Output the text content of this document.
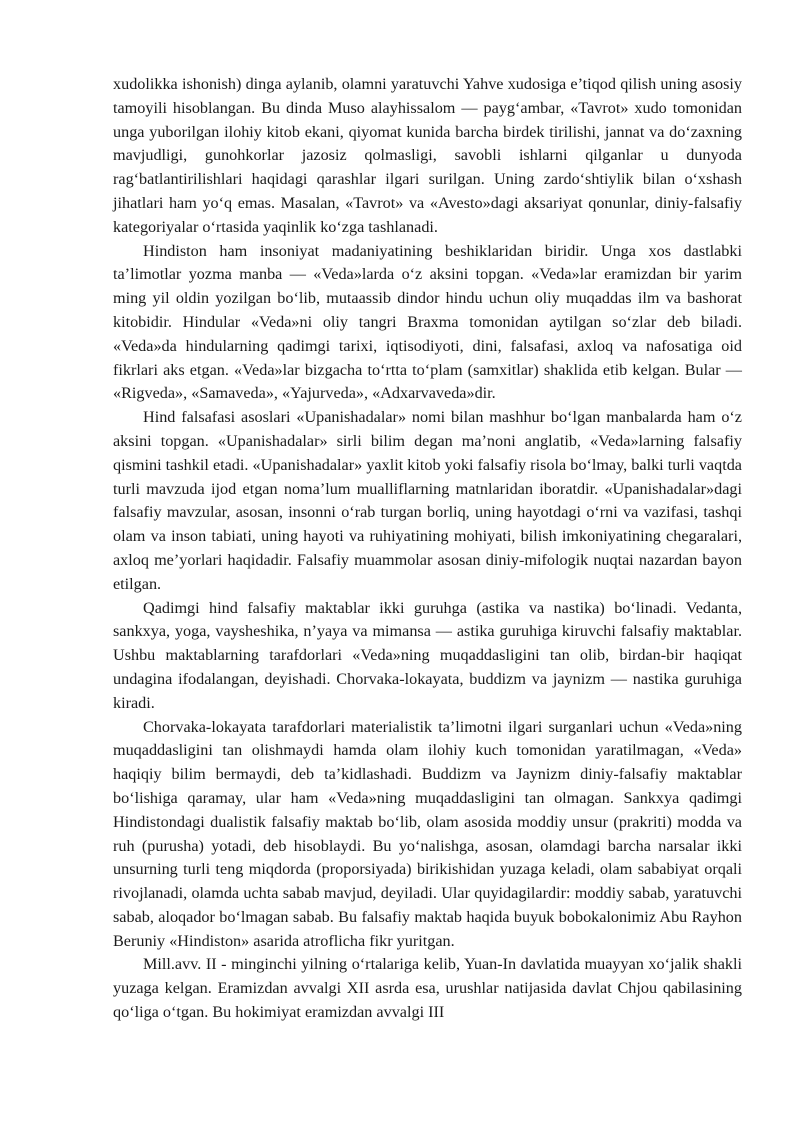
xudolikka ishonish) dinga aylanib, olamni yaratuvchi Yahve xudosiga e’tiqod qilish uning asosiy tamoyili hisoblangan. Bu dinda Muso alayhissalom — payg‘ambar, «Tavrot» xudo tomonidan unga yuborilgan ilohiy kitob ekani, qiyomat kunida barcha birdek tirilishi, jannat va do‘zaxning mavjudligi, gunohkorlar jazosiz qolmasligi, savobli ishlarni qilganlar u dunyoda rag‘batlantirilishlari haqidagi qarashlar ilgari surilgan. Uning zardo‘shtiylik bilan o‘xshash jihatlari ham yo‘q emas. Masalan, «Tavrot» va «Avesto»dagi aksariyat qonunlar, diniy-falsafiy kategoriyalar o‘rtasida yaqinlik ko‘zga tashlanadi.

Hindiston ham insoniyat madaniyatining beshiklaridan biridir. Unga xos dastlabki ta’limotlar yozma manba — «Veda»larda o‘z aksini topgan. «Veda»lar eramizdan bir yarim ming yil oldin yozilgan bo‘lib, mutaassib dindor hindu uchun oliy muqaddas ilm va bashorat kitobidir. Hindular «Veda»ni oliy tangri Braxma tomonidan aytilgan so‘zlar deb biladi. «Veda»da hindularning qadimgi tarixi, iqtisodiyoti, dini, falsafasi, axloq va nafosatiga oid fikrlari aks etgan. «Veda»lar bizgacha to‘rtta to‘plam (samxitlar) shaklida etib kelgan. Bular — «Rigveda», «Samaveda», «Yajurveda», «Adxarvaveda»dir.

Hind falsafasi asoslari «Upanishadalar» nomi bilan mashhur bo‘lgan manbalarda ham o‘z aksini topgan. «Upanishadalar» sirli bilim degan ma’noni anglatib, «Veda»larning falsafiy qismini tashkil etadi. «Upanishadalar» yaxlit kitob yoki falsafiy risola bo‘lmay, balki turli vaqtda turli mavzuda ijod etgan noma’lum mualliflarning matnlaridan iboratdir. «Upanishadalar»dagi falsafiy mavzular, asosan, insonni o‘rab turgan borliq, uning hayotdagi o‘rni va vazifasi, tashqi olam va inson tabiati, uning hayoti va ruhiyatining mohiyati, bilish imkoniyatining chegaralari, axloq me’yorlari haqidadir. Falsafiy muammolar asosan diniy-mifologik nuqtai nazardan bayon etilgan.

Qadimgi hind falsafiy maktablar ikki guruhga (astika va nastika) bo‘linadi. Vedanta, sankxya, yoga, vaysheshika, n’yaya va mimansa — astika guruhiga kiruvchi falsafiy maktablar. Ushbu maktablarning tarafdorlari «Veda»ning muqaddasligini tan olib, birdan-bir haqiqat undagina ifodalangan, deyishadi. Chorvaka-lokayata, buddizm va jaynizm — nastika guruhiga kiradi.

Chorvaka-lokayata tarafdorlari materialistik ta’limotni ilgari surganlari uchun «Veda»ning muqaddasligini tan olishmaydi hamda olam ilohiy kuch tomonidan yaratilmagan, «Veda» haqiqiy bilim bermaydi, deb ta’kidlashadi. Buddizm va Jaynizm diniy-falsafiy maktablar bo‘lishiga qaramay, ular ham «Veda»ning muqaddasligini tan olmagan. Sankxya qadimgi Hindistondagi dualistik falsafiy maktab bo‘lib, olam asosida moddiy unsur (prakriti) modda va ruh (purusha) yotadi, deb hisoblaydi. Bu yo‘nalishga, asosan, olamdagi barcha narsalar ikki unsurning turli teng miqdorda (proporsiyada) birikishidan yuzaga keladi, olam sababiyat orqali rivojlanadi, olamda uchta sabab mavjud, deyiladi. Ular quyidagilardir: moddiy sabab, yaratuvchi sabab, aloqador bo‘lmagan sabab. Bu falsafiy maktab haqida buyuk bobokalonimiz Abu Rayhon Beruniy «Hindiston» asarida atroflicha fikr yuritgan.

Mill.avv. II - minginchi yilning o‘rtalariga kelib, Yuan-In davlatida muayyan xo‘jalik shakli yuzaga kelgan. Eramizdan avvalgi XII asrda esa, urushlar natijasida davlat Chjou qabilasining qo‘liga o‘tgan. Bu hokimiyat eramizdan avvalgi III
